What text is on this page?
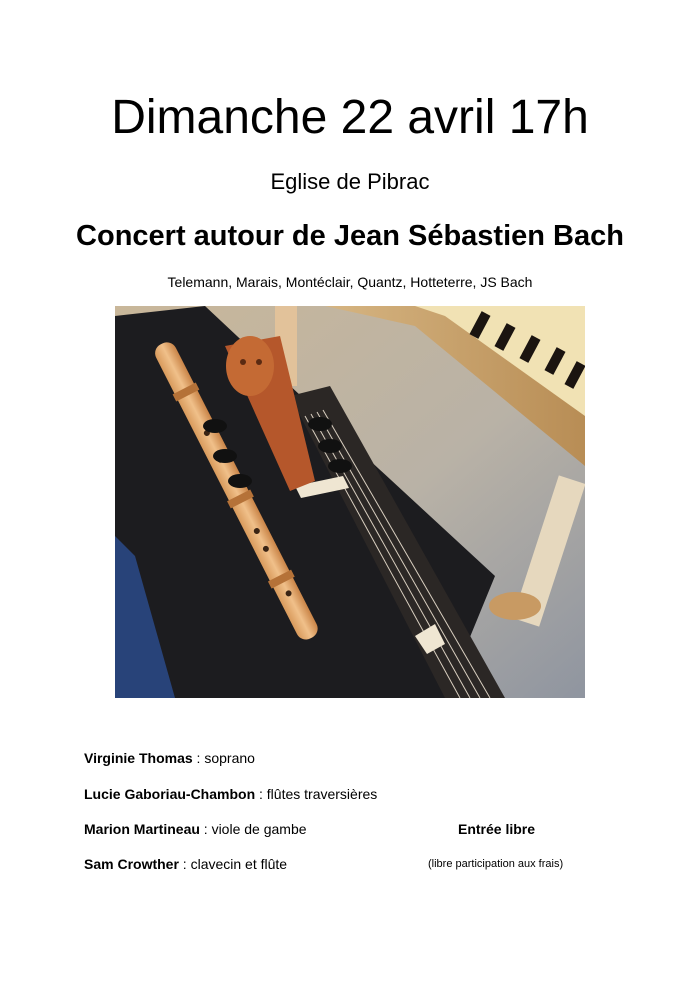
Dimanche 22 avril 17h
Eglise de Pibrac
Concert autour de Jean Sébastien Bach
Telemann, Marais, Montéclair, Quantz, Hotteterre, JS Bach
Virginie Thomas : soprano
Lucie Gaboriau-Chambon : flûtes traversières
Marion Martineau : viole de gambe
Sam Crowther : clavecin et flûte
Entrée libre
(libre participation aux frais)
